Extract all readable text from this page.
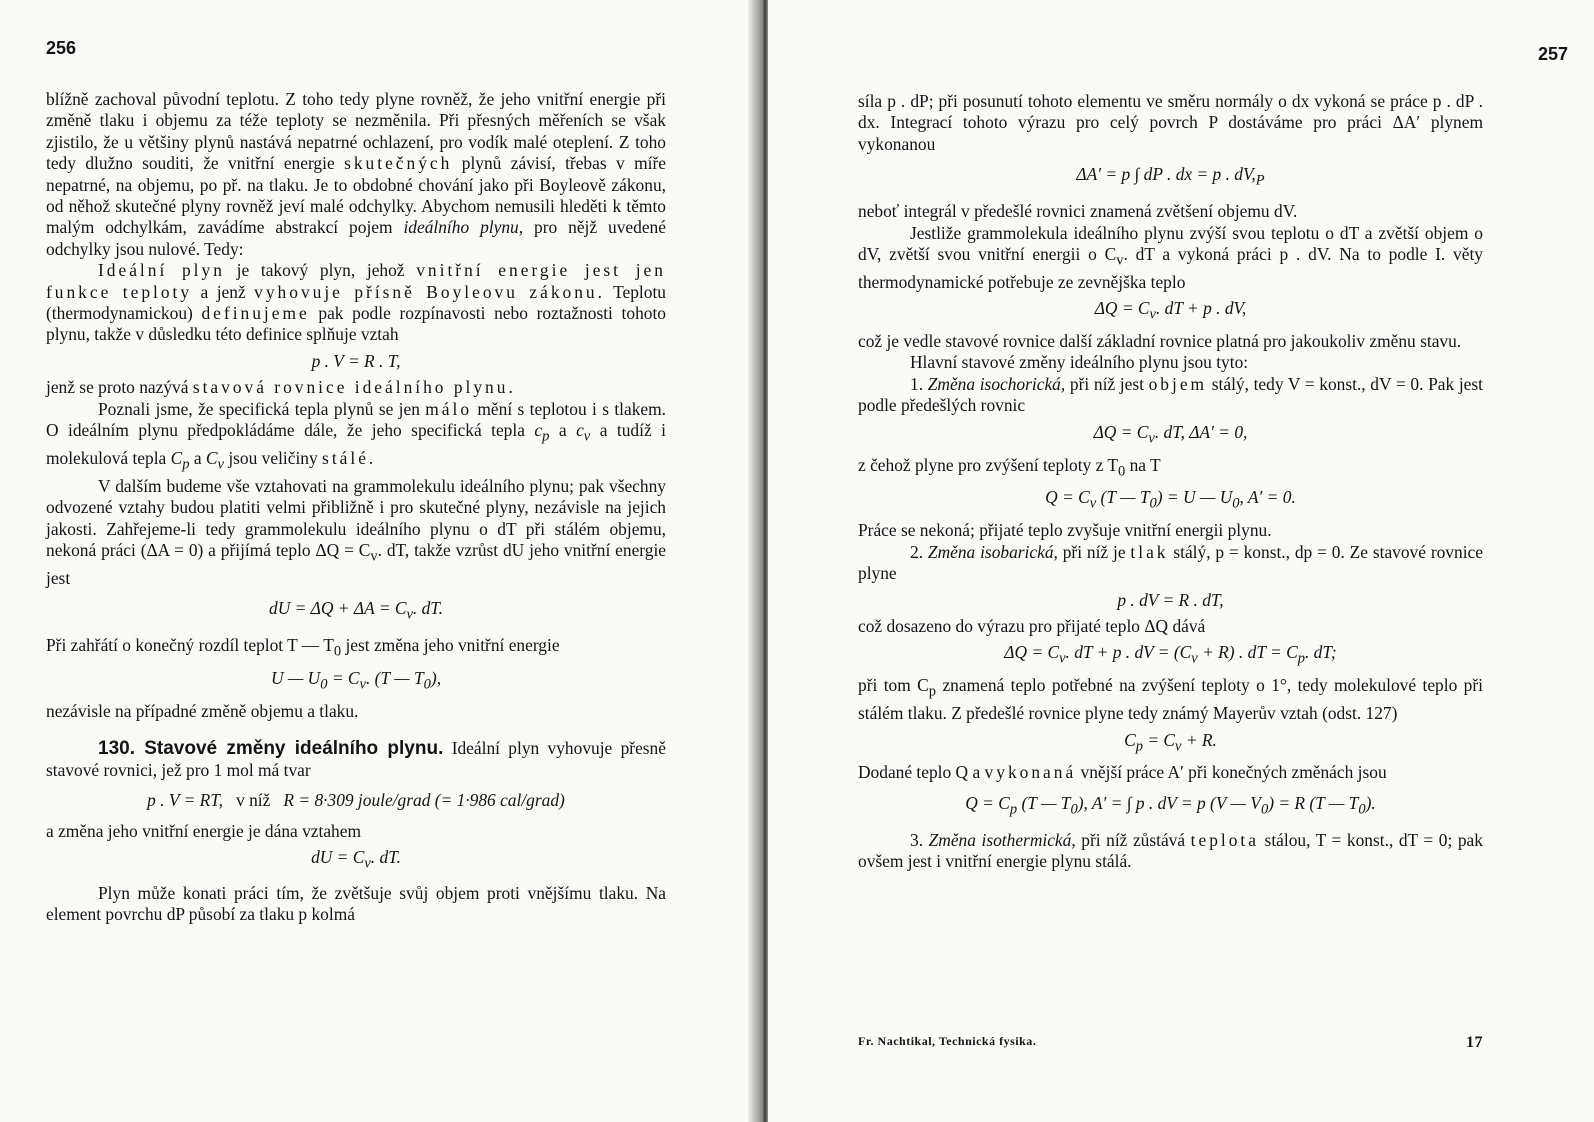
256

blížně zachoval původní teplotu. Z toho tedy plyne rovněž, že jeho vnitřní energie při změně tlaku i objemu za téže teploty se nezměnila. Při přesných měřeních se však zjistilo, že u většiny plynů nastává nepatrné ochlazení, pro vodík malé oteplení. Z toho tedy dlužno souditi, že vnitřní energie skutečných plynů závisí, třebas v míře nepatrné, na objemu, po př. na tlaku. Je to obdobné chování jako při Boyleově zákonu, od něhož skutečné plyny rovněž jeví malé odchylky. Abychom nemusili hleděti k těmto malým odchylkám, zavádíme abstrakcí pojem ideálního plynu, pro nějž uvedené odchylky jsou nulové. Tedy:

Ideální plyn je takový plyn, jehož vnitřní energie jest jen funkce teploty a jenž vyhovuje přísně Boyleovu zákonu. Teplotu (thermodynamickou) definujeme pak podle rozpínavosti nebo roztažnosti tohoto plynu, takže v důsledku této definice splňuje vztah

p . V = R . T,

jenž se proto nazývá stavová rovnice ideálního plynu.

Poznali jsme, že specifická tepla plynů se jen málo mění s teplotou i s tlakem. O ideálním plynu předpokládáme dále, že jeho specifická tepla $c_p$ a $c_v$ a tudíž i molekulová tepla $C_p$ a $C_v$ jsou veličiny stálé.

V dalším budeme vše vztahovati na grammolekulu ideálního plynu; pak všechny odvozené vztahy budou platiti velmi přibližně i pro skutečné plyny, nezávisle na jejich jakosti. Zahřejeme-li tedy grammolekulu ideálního plynu o dT při stálém objemu, nekoná práci (ΔA = 0) a přijímá teplo $\Delta Q = C_v$. dT, takže vzrůst dU jeho vnitřní energie jest

dU = $\Delta Q + \Delta A = C_v$. dT.

Při zahřátí o konečný rozdíl teplot T — $T_0$ jest změna jeho vnitřní energie

U — $U_0 = C_v$. (T — $T_0$),

nezávisle na případné změně objemu a tlaku.

130. Stavové změny ideálního plynu. Ideální plyn vyhovuje přesně stavové rovnici, jež pro 1 mol má tvar

p . V = RT, v níž R = 8·309 joule/grad (= 1·986 cal/grad)

a změna jeho vnitřní energie je dána vztahem

dU = $C_v$. dT.

Plyn může konati práci tím, že zvětšuje svůj objem proti vnějšímu tlaku. Na element povrchu dP působí za tlaku p kolmá

257

síla p . dP; při posunutí tohoto elementu ve směru normály o dx vykoná se práce p . dP . dx. Integrací tohoto výrazu pro celý povrch P dostáváme pro práci ΔA′ plynem vykonanou

ΔA′ = p ∫ dP . dx = p . $dV,_P$

neboť integrál v předešlé rovnici znamená zvětšení objemu dV.

Jestliže grammolekula ideálního plynu zvýší svou teplotu o dT a zvětší objem o dV, zvětší svou vnitřní energii o $C_v$. dT a vykoná práci p . dV. Na to podle I. věty thermodynamické potřebuje ze zevnějška teplo

$\Delta Q = C_v$. dT + p . dV,

což je vedle stavové rovnice další základní rovnice platná pro jakoukoliv změnu stavu.

Hlavní stavové změny ideálního plynu jsou tyto:

1. Změna isochorická, při níž jest objem stálý, tedy V = konst., dV = 0. Pak jest podle předešlých rovnic

$\Delta Q = C_v$. dT, ΔA′ = 0,

z čehož plyne pro zvýšení teploty z $T_0$ na T

$Q = C_v$ (T — $T_0) = U$ — $U_0$, A′ = 0.

Práce se nekoná; přijaté teplo zvyšuje vnitřní energii plynu.

2. Změna isobarická, při níž je tlak stálý, p = konst., dp = 0. Ze stavové rovnice plyne

p . dV = R . dT,

což dosazeno do výrazu pro přijaté teplo ΔQ dává

$\Delta Q = C_v$. dT + p . dV = $(C_v + R)$ . dT = $C_p$. dT;

při tom $C_p$ znamená teplo potřebné na zvýšení teploty o 1°, tedy molekulové teplo při stálém tlaku. Z předešlé rovnice plyne tedy známý Mayerův vztah (odst. 127)

$C_p = C_v + R$.

Dodané teplo Q a vykonaná vnější práce A′ při konečných změnách jsou

$Q = C_p$ (T — $T_0$), A′ = ∫ p . dV = p (V — $V_0) = R$ (T — $T_0$).

3. Změna isothermická, při níž zůstává teplota stálou, T = konst., dT = 0; pak ovšem jest i vnitřní energie plynu stálá.

Fr. Nachtikal, Technická fysika.	17
